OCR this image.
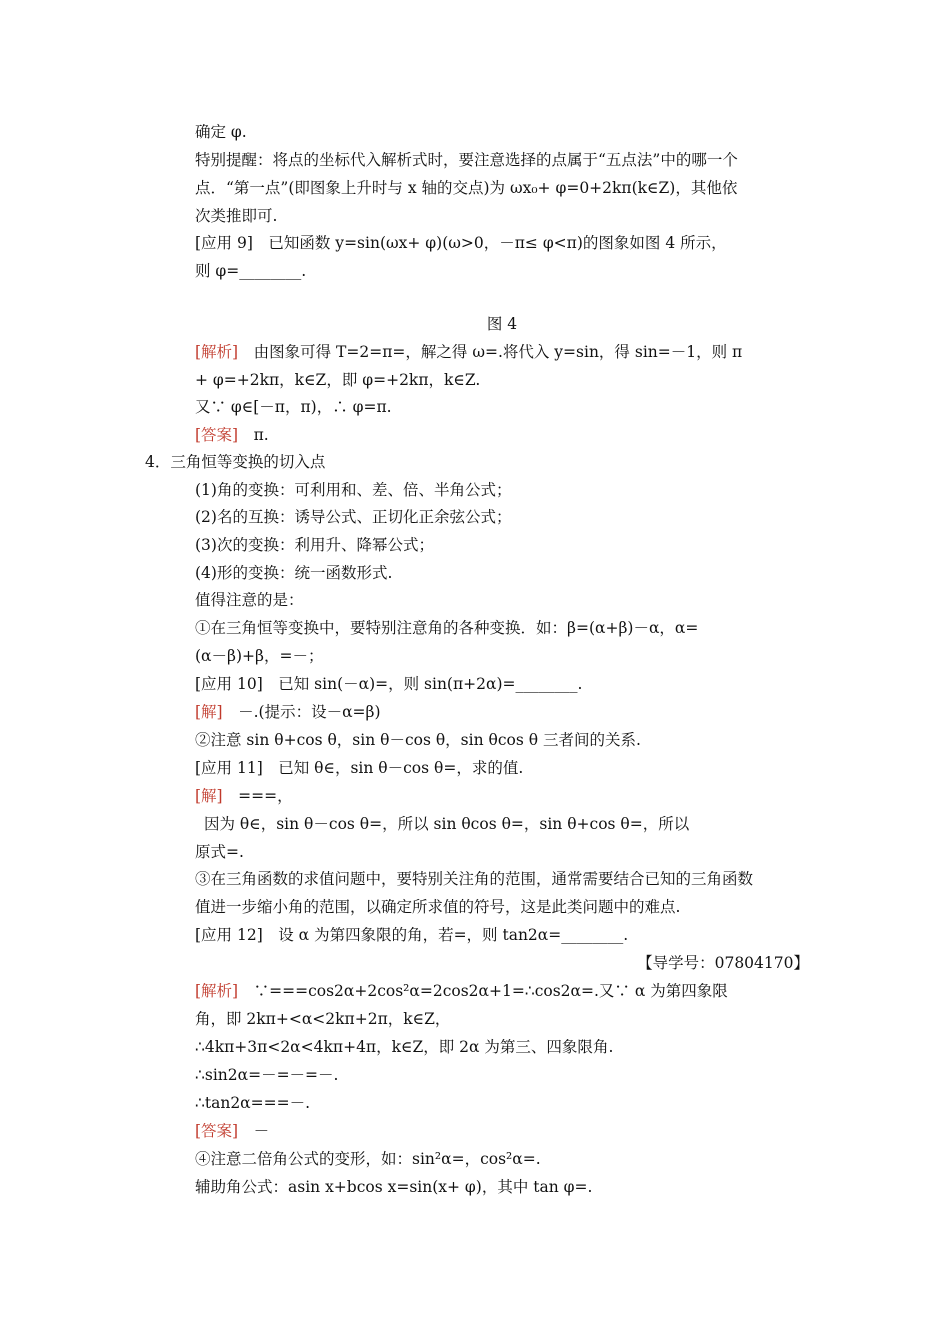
确定 φ.
特别提醒：将点的坐标代入解析式时，要注意选择的点属于“五点法”中的哪一个
点．“第一点”(即图象上升时与 x 轴的交点)为 ωx₀+ φ=0+2kπ(k∈Z)，其他依
次类推即可.
[应用 9]　已知函数 y=sin(ωx+ φ)(ω>0，－π≤ φ<π)的图象如图 4 所示，
则 φ=________.
图 4
[解析]　由图象可得 T=2=π=，解之得 ω=.将代入 y=sin，得 sin=－1，则 π
+ φ=+2kπ，k∈Z，即 φ=+2kπ，k∈Z.
又∵ φ∈[－π，π)，∴ φ=π.
[答案]　π.
4．三角恒等变换的切入点
(1)角的变换：可利用和、差、倍、半角公式；
(2)名的互换：诱导公式、正切化正余弦公式；
(3)次的变换：利用升、降幂公式；
(4)形的变换：统一函数形式.
值得注意的是：
①在三角恒等变换中，要特别注意角的各种变换．如：β=(α+β)－α，α=
(α－β)+β，=－；
[应用 10]　已知 sin(－α)=，则 sin(π+2α)=________.
[解]　－.(提示：设－α=β)
②注意 sin θ+cos θ，sin θ－cos θ，sin θcos θ 三者间的关系.
[应用 11]　已知 θ∈，sin θ－cos θ=，求的值.
[解]　===，
因为 θ∈，sin θ－cos θ=，所以 sin θcos θ=，sin θ+cos θ=，所以
原式=.
③在三角函数的求值问题中，要特别关注角的范围，通常需要结合已知的三角函数
值进一步缩小角的范围，以确定所求值的符号，这是此类问题中的难点.
[应用 12]　设 α 为第四象限的角，若=，则 tan2α=________.
【导学号：07804170】
[解析]　∵===cos2α+2cos²α=2cos2α+1=∴cos2α=.又∵ α 为第四象限
角，即 2kπ+<α<2kπ+2π，k∈Z，
∴4kπ+3π<2α<4kπ+4π，k∈Z，即 2α 为第三、四象限角.
∴sin2α=－=－=－.
∴tan2α===－.
[答案]　－
④注意二倍角公式的变形，如：sin²α=，cos²α=.
辅助角公式：asin x+bcos x=sin(x+ φ)，其中 tan φ=.
